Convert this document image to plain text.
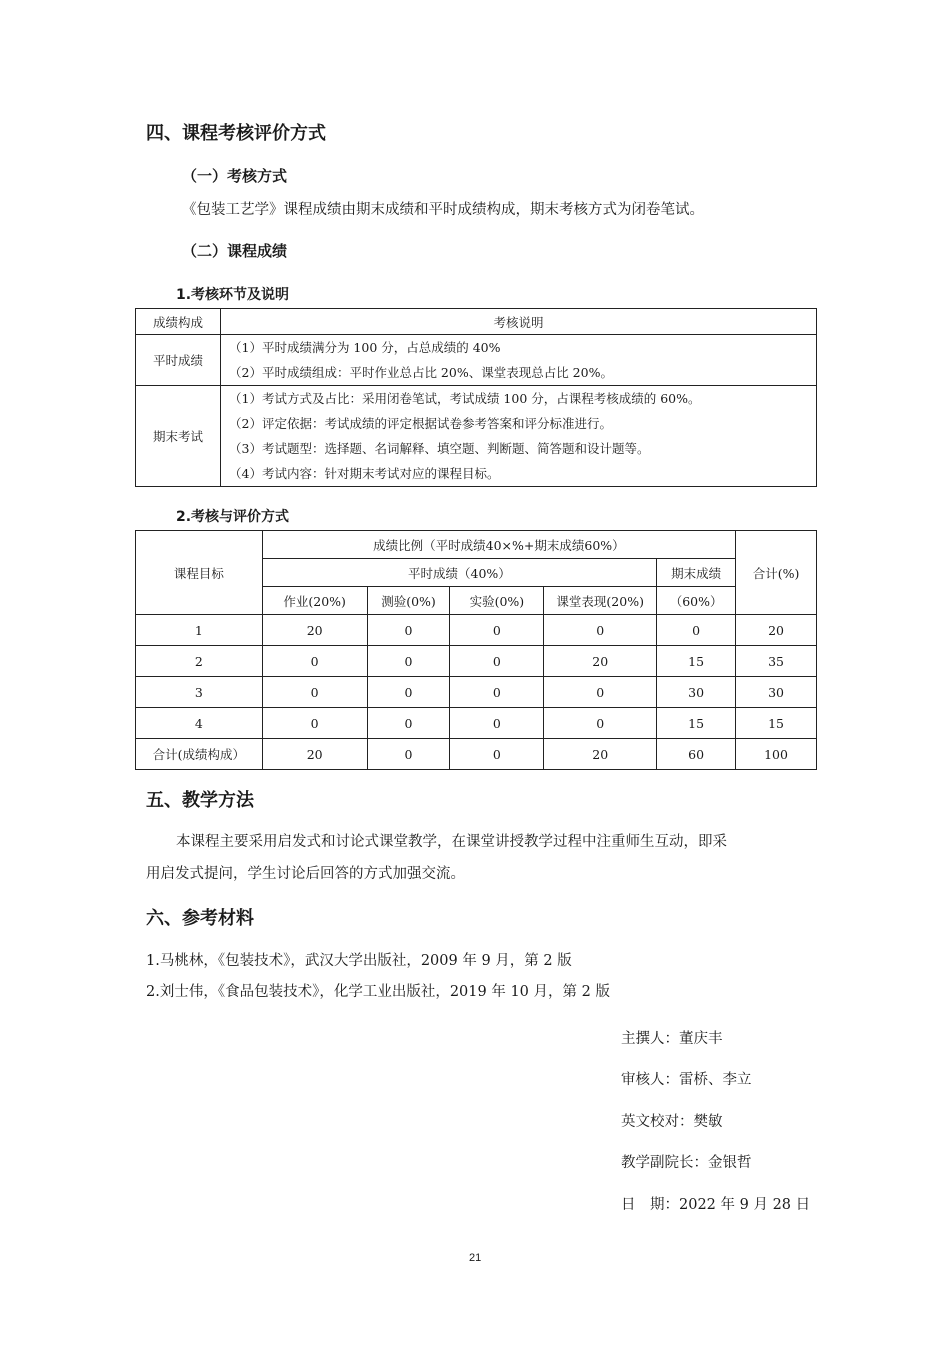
四、课程考核评价方式
（一）考核方式
《包装工艺学》课程成绩由期末成绩和平时成绩构成，期末考核方式为闭卷笔试。
（二）课程成绩
1.考核环节及说明
成绩构成	考核说明
平时成绩	（1）平时成绩满分为 100 分，占总成绩的 40%
（2）平时成绩组成：平时作业总占比 20%、课堂表现总占比 20%。

期末考试	（1）考试方式及占比：采用闭卷笔试，考试成绩 100 分，占课程考核成绩的 60%。
（2）评定依据：考试成绩的评定根据试卷参考答案和评分标准进行。
（3）考试题型：选择题、名词解释、填空题、判断题、简答题和设计题等。
（4）考试内容：针对期末考试对应的课程目标。
2.考核与评价方式
课程目标	成绩比例（平时成绩40×%+期末成绩60%）					合计(%)
	平时成绩（40%）				期末成绩	
	作业(20%)	测验(0%)	实验(0%)	课堂表现(20%)	（60%）	
1	20	0	0	0	0	20
2	0	0	0	20	15	35
3	0	0	0	0	30	30
4	0	0	0	0	15	15
合计(成绩构成）	20	0	0	20	60	100
五、教学方法
本课程主要采用启发式和讨论式课堂教学，在课堂讲授教学过程中注重师生互动，即采
用启发式提问，学生讨论后回答的方式加强交流。
六、参考材料
1.马桃林，《包装技术》，武汉大学出版社，2009 年 9 月，第 2 版
2.刘士伟，《食品包装技术》，化学工业出版社，2019 年 10 月，第 2 版
主撰人：董庆丰
审核人：雷桥、李立
英文校对：樊敏
教学副院长：金银哲
日　期：2022 年 9 月 28 日
21
